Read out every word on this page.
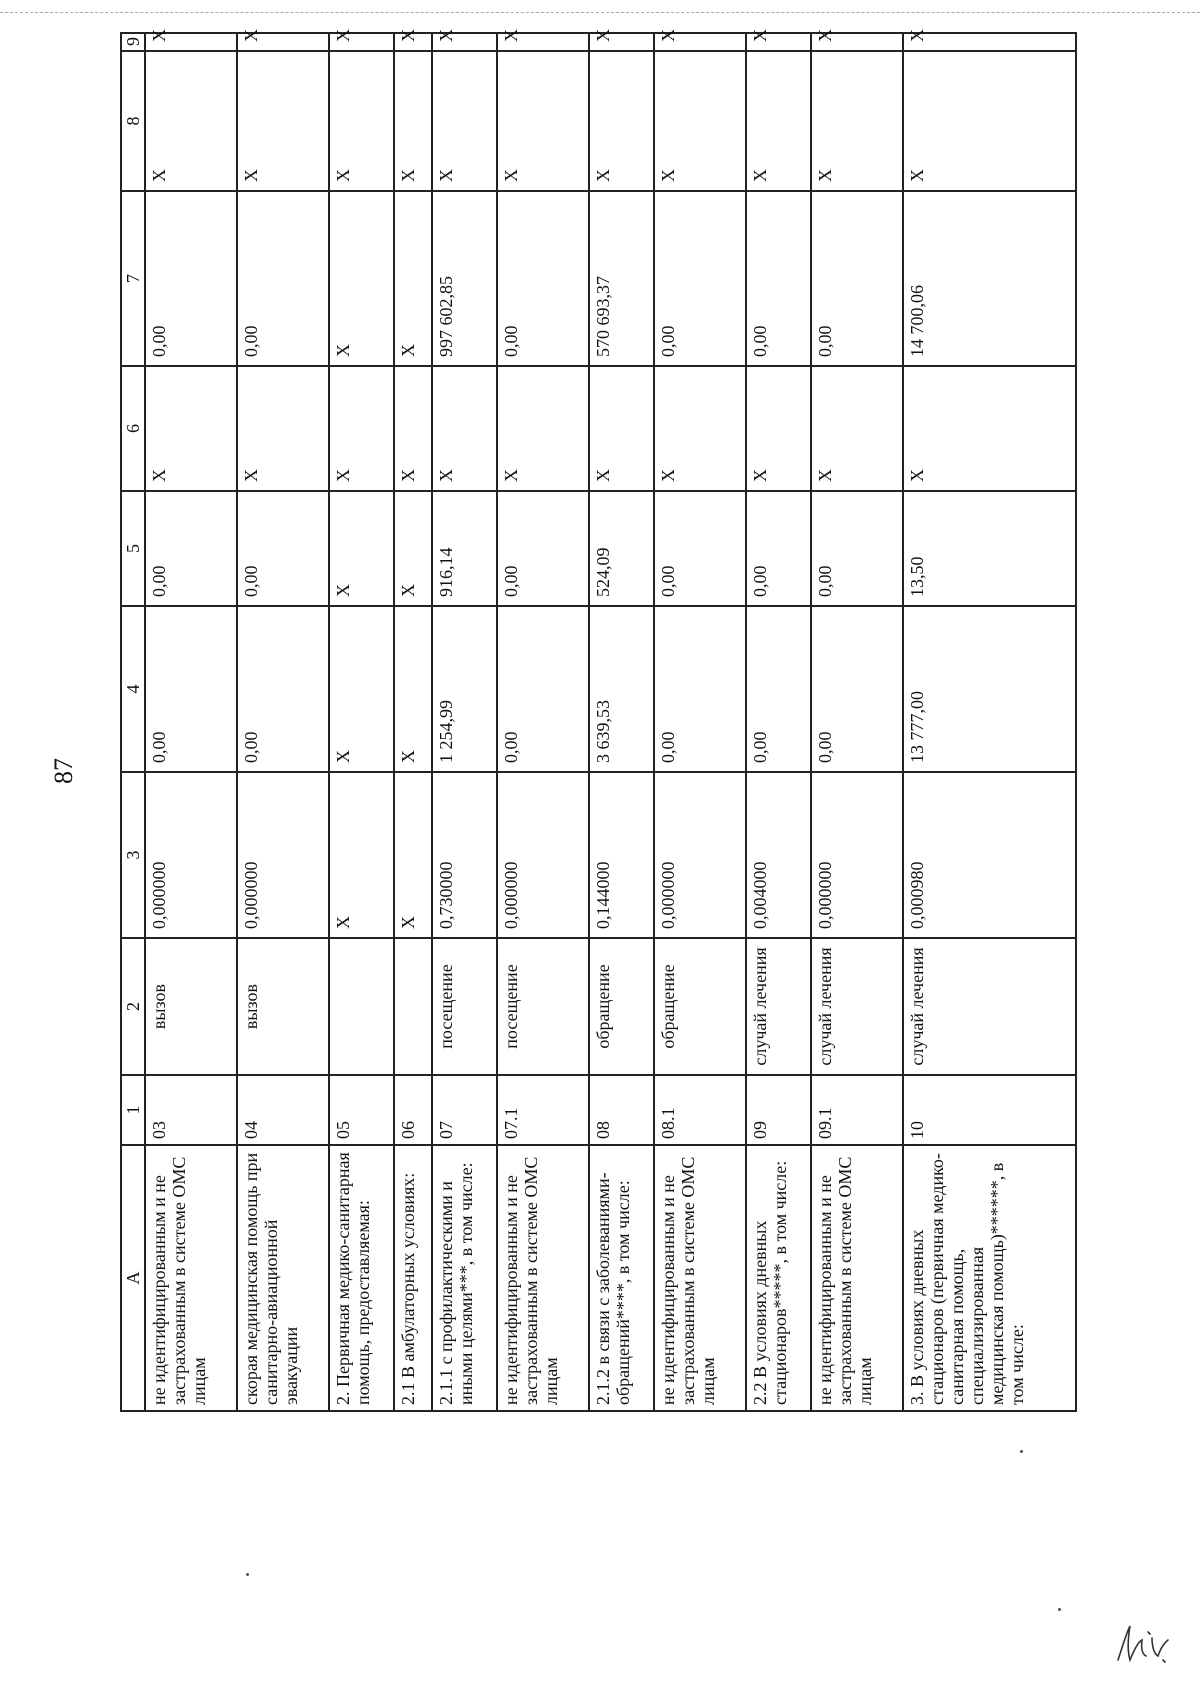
87
A	1	2	3	4	5	6	7	8	9
не идентифицированным и не застрахованным в системе ОМС лицам	03	вызов	0,000000	0,00	0,00	X	0,00	X	X
скорая медицинская помощь при санитарно-авиационной эвакуации	04	вызов	0,000000	0,00	0,00	X	0,00	X	X
2. Первичная медико-санитарная помощь, предоставляемая:	05		X	X	X	X	X	X	X
2.1 В амбулаторных условиях:	06		X	X	X	X	X	X	X
2.1.1 с профилактическими и иными целями***, в том числе:	07	посещение	0,730000	1 254,99	916,14	X	997 602,85	X	X
не идентифицированным и не застрахованным в системе ОМС лицам	07.1	посещение	0,000000	0,00	0,00	X	0,00	X	X
2.1.2 в связи с заболеваниями-обращений****, в том числе:	08	обращение	0,144000	3 639,53	524,09	X	570 693,37	X	X
не идентифицированным и не застрахованным в системе ОМС лицам	08.1	обращение	0,000000	0,00	0,00	X	0,00	X	X
2.2 В условиях дневных стационаров*****, в том числе:	09	случай лечения	0,004000	0,00	0,00	X	0,00	X	X
не идентифицированным и не застрахованным в системе ОМС лицам	09.1	случай лечения	0,000000	0,00	0,00	X	0,00	X	X
3. В условиях дневных стационаров (первичная медико-санитарная помощь, специализированная медицинская помощь)******, в том числе:	10	случай лечения	0,000980	13 777,00	13,50	X	14 700,06	X	X
